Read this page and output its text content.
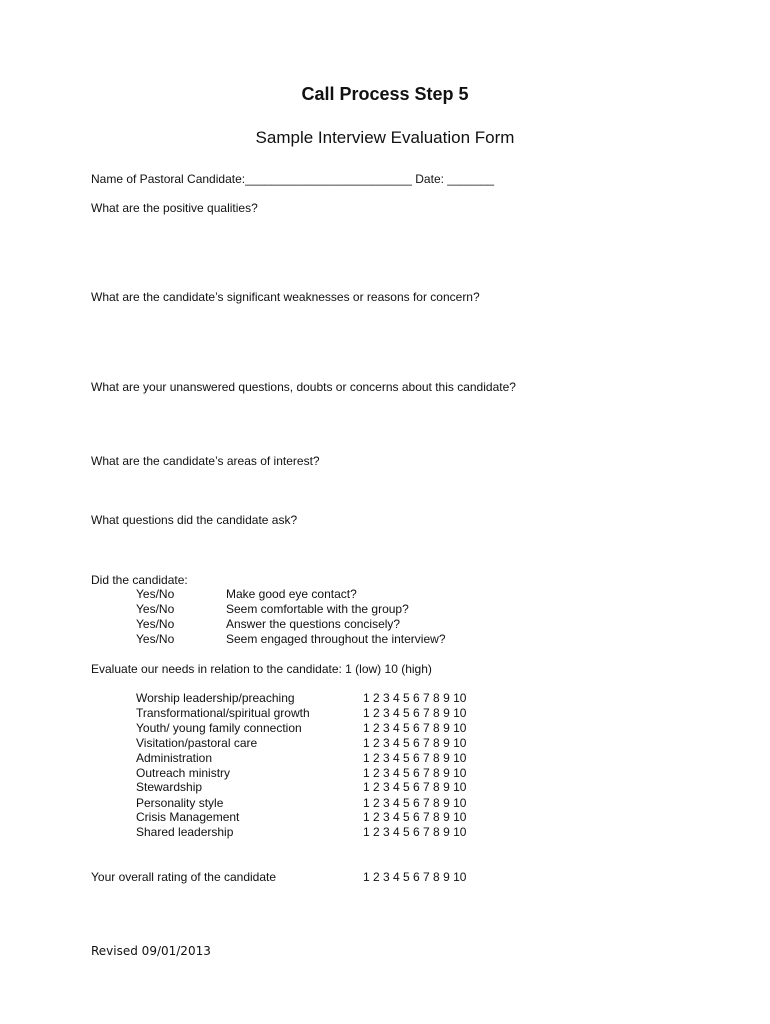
Call Process Step 5
Sample Interview Evaluation Form
Name of Pastoral Candidate:_________________________ Date: _______
What are the positive qualities?
What are the candidate’s significant weaknesses or reasons for concern?
What are your unanswered questions, doubts or concerns about this candidate?
What are the candidate’s areas of interest?
What questions did the candidate ask?
Did the candidate:
Yes/No	Make good eye contact?
Yes/No	Seem comfortable with the group?
Yes/No	Answer the questions concisely?
Yes/No	Seem engaged throughout the interview?
Evaluate our needs in relation to the candidate: 1 (low) 10 (high)
Worship leadership/preaching	1 2 3 4 5 6 7 8 9 10
Transformational/spiritual growth	1 2 3 4 5 6 7 8 9 10
Youth/ young family connection	1 2 3 4 5 6 7 8 9 10
Visitation/pastoral care	1 2 3 4 5 6 7 8 9 10
Administration	1 2 3 4 5 6 7 8 9 10
Outreach ministry	1 2 3 4 5 6 7 8 9 10
Stewardship	1 2 3 4 5 6 7 8 9 10
Personality style	1 2 3 4 5 6 7 8 9 10
Crisis Management	1 2 3 4 5 6 7 8 9 10
Shared leadership	1 2 3 4 5 6 7 8 9 10
Your overall rating of the candidate	1 2 3 4 5 6 7 8 9 10
Revised 09/01/2013
